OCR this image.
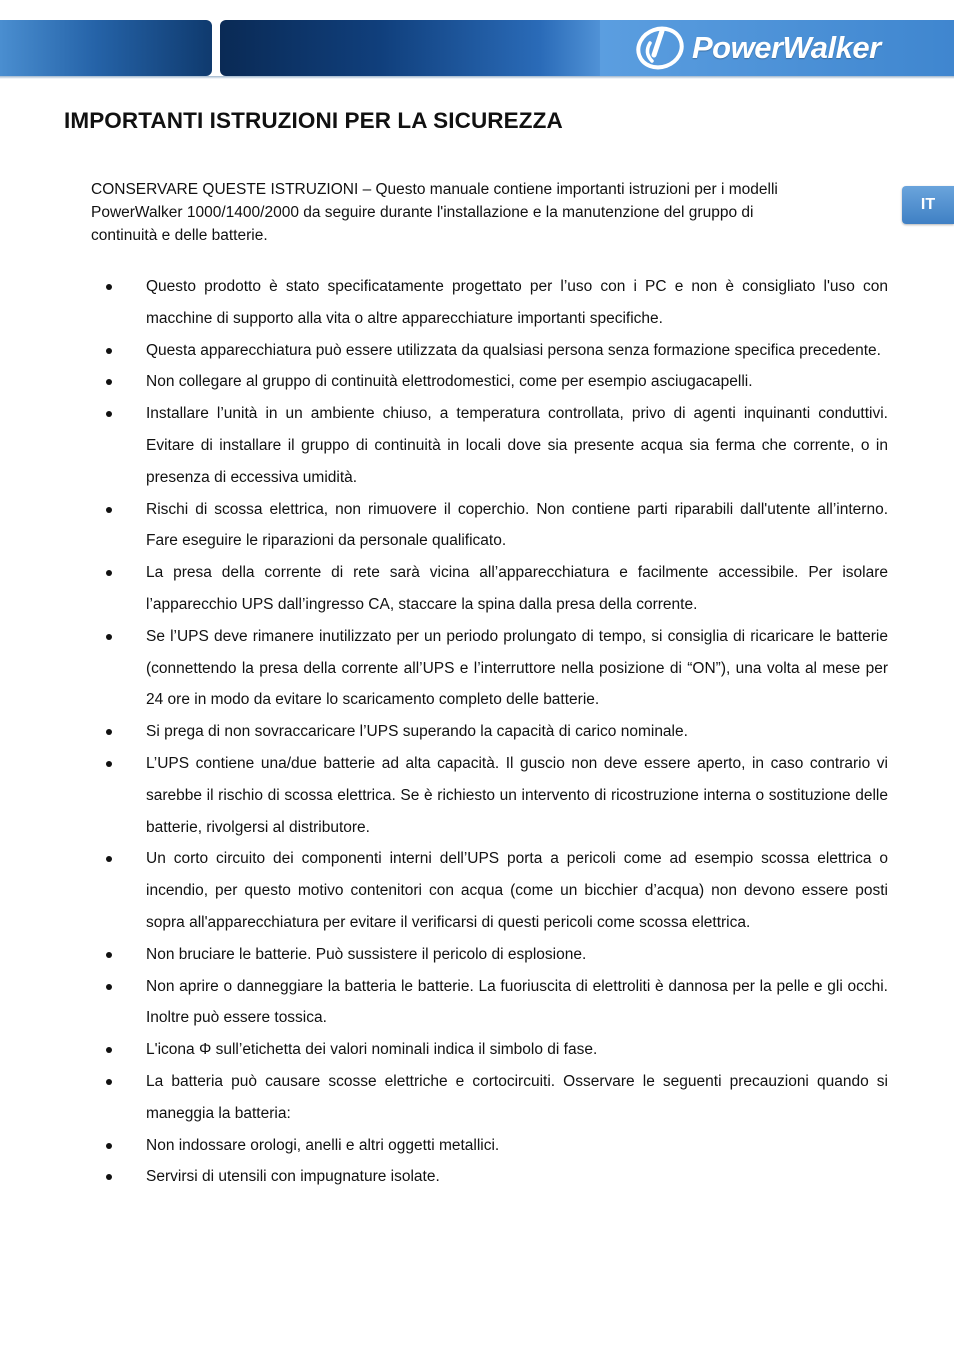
PowerWalker
IT
IMPORTANTI ISTRUZIONI PER LA SICUREZZA

CONSERVARE QUESTE ISTRUZIONI – Questo manuale contiene importanti istruzioni per i modelli PowerWalker 1000/1400/2000 da seguire durante l'installazione e la manutenzione del gruppo di continuità e delle batterie.

Questo prodotto è stato specificatamente progettato per l’uso con i PC e non è consigliato l'uso con macchine di supporto alla vita o altre apparecchiature importanti specifiche.
Questa apparecchiatura può essere utilizzata da qualsiasi persona senza formazione specifica precedente.
Non collegare al gruppo di continuità elettrodomestici, come per esempio asciugacapelli.
Installare l’unità in un ambiente chiuso, a temperatura controllata, privo di agenti inquinanti conduttivi. Evitare di installare il gruppo di continuità in locali dove sia presente acqua sia ferma che corrente, o in presenza di eccessiva umidità.
Rischi di scossa elettrica, non rimuovere il coperchio. Non contiene parti riparabili dall'utente all’interno. Fare eseguire le riparazioni da personale qualificato.
La presa della corrente di rete sarà vicina all’apparecchiatura e facilmente accessibile. Per isolare l’apparecchio UPS dall’ingresso CA, staccare la spina dalla presa della corrente.
Se l’UPS deve rimanere inutilizzato per un periodo prolungato di tempo, si consiglia di ricaricare le batterie (connettendo la presa della corrente all’UPS e l’interruttore nella posizione di “ON”), una volta al mese per 24 ore in modo da evitare lo scaricamento completo delle batterie.
Si prega di non sovraccaricare l’UPS superando la capacità di carico nominale.
L’UPS contiene una/due batterie ad alta capacità. Il guscio non deve essere aperto, in caso contrario vi sarebbe il rischio di scossa elettrica. Se è richiesto un intervento di ricostruzione interna o sostituzione delle batterie, rivolgersi al distributore.
Un corto circuito dei componenti interni dell’UPS porta a pericoli come ad esempio scossa elettrica o incendio, per questo motivo contenitori con acqua (come un bicchier d’acqua) non devono essere posti sopra all'apparecchiatura per evitare il verificarsi di questi pericoli come scossa elettrica.
Non bruciare le batterie. Può sussistere il pericolo di esplosione.
Non aprire o danneggiare la batteria le batterie. La fuoriuscita di elettroliti è dannosa per la pelle e gli occhi. Inoltre può essere tossica.
L'icona Φ sull’etichetta dei valori nominali indica il simbolo di fase.
La batteria può causare scosse elettriche e cortocircuiti. Osservare le seguenti precauzioni quando si maneggia la batteria:
Non indossare orologi, anelli e altri oggetti metallici.
Servirsi di utensili con impugnature isolate.
